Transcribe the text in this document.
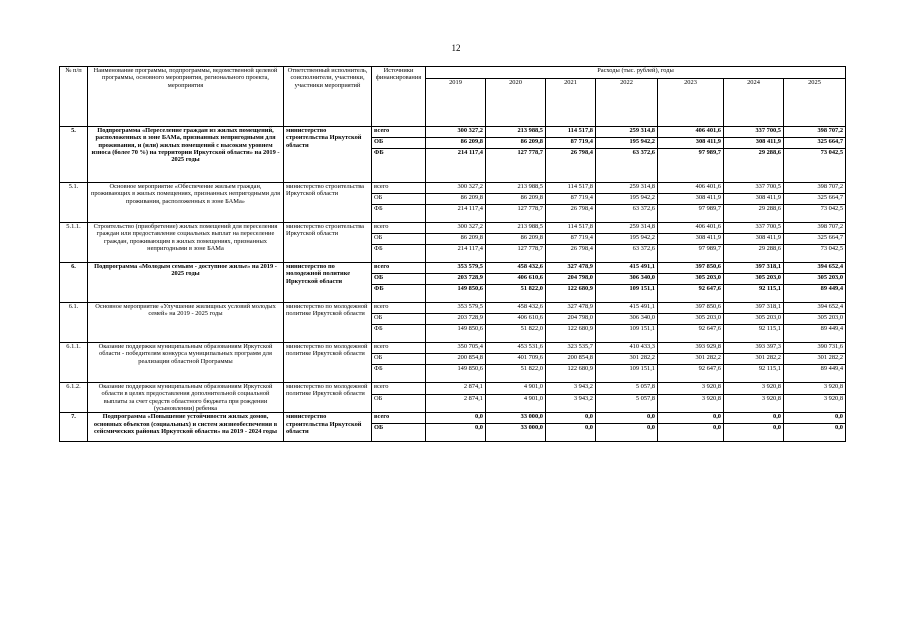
12
№ п/п	Наименование программы, подпрограммы, ведомственной целевой программы, основного мероприятия, регионального проекта, мероприятия	Ответственный исполнитель, соисполнители, участники, участники мероприятий	Источники финансирования	Расходы (тыс. рублей), годы						
				2019	2020	2021	2022	2023	2024	2025
5.	Подпрограмма «Переселение граждан из жилых помещений, расположенных в зоне БАМа, признанных непригодными для проживания, и (или) жилых помещений с высоким уровнем износа (более 70 %) на территории Иркутской области» на 2019 - 2025 годы	министерство строительства Иркутской области	всего	300 327,2	213 988,5	114 517,8	259 314,8	406 401,6	337 700,5	398 707,2
			ОБ	86 209,8	86 209,8	87 719,4	195 942,2	308 411,9	308 411,9	325 664,7
			ФБ	214 117,4	127 778,7	26 798,4	63 372,6	97 989,7	29 288,6	73 042,5
5.1.	Основное мероприятие «Обеспечение жильем граждан, проживающих в жилых помещениях, признанных непригодными для проживания, расположенных в зоне БАМа»	министерство строительства Иркутской области	всего	300 327,2	213 988,5	114 517,8	259 314,8	406 401,6	337 700,5	398 707,2
			ОБ	86 209,8	86 209,8	87 719,4	195 942,2	308 411,9	308 411,9	325 664,7
			ФБ	214 117,4	127 778,7	26 798,4	63 372,6	97 989,7	29 288,6	73 042,5
5.1.1.	Строительство (приобретение) жилых помещений для переселения граждан или предоставление социальных выплат на переселение граждан, проживающим в жилых помещениях, признанных непригодными в зоне БАМа	министерство строительства Иркутской области	всего	300 327,2	213 988,5	114 517,8	259 314,8	406 401,6	337 700,5	398 707,2
			ОБ	86 209,8	86 209,8	87 719,4	195 942,2	308 411,9	308 411,9	325 664,7
			ФБ	214 117,4	127 778,7	26 798,4	63 372,6	97 989,7	29 288,6	73 042,5
6.	Подпрограмма «Молодым семьям - доступное жилье» на 2019 - 2025 годы	министерство по молодежной политике Иркутской области	всего	353 579,5	458 432,6	327 478,9	415 491,1	397 850,6	397 318,1	394 652,4
			ОБ	203 728,9	406 610,6	204 798,0	306 340,0	305 203,0	305 203,0	305 203,0
			ФБ	149 850,6	51 822,0	122 680,9	109 151,1	92 647,6	92 115,1	89 449,4
6.1.	Основное мероприятие «Улучшение жилищных условий молодых семей» на 2019 - 2025 годы	министерство по молодежной политике Иркутской области	всего	353 579,5	458 432,6	327 478,9	415 491,1	397 850,6	397 318,1	394 652,4
			ОБ	203 728,9	406 610,6	204 798,0	306 340,0	305 203,0	305 203,0	305 203,0
			ФБ	149 850,6	51 822,0	122 680,9	109 151,1	92 647,6	92 115,1	89 449,4
6.1.1.	Оказание поддержки муниципальным образованиям Иркутской области - победителям конкурса муниципальных программ для реализации областной Программы	министерство по молодежной политике Иркутской области	всего	350 705,4	453 531,6	323 535,7	410 433,3	393 929,8	393 397,3	390 731,6
			ОБ	200 854,8	401 709,6	200 854,8	301 282,2	301 282,2	301 282,2	301 282,2
			ФБ	149 850,6	51 822,0	122 680,9	109 151,1	92 647,6	92 115,1	89 449,4
6.1.2.	Оказание поддержки муниципальным образованиям Иркутской области в целях предоставления дополнительной социальной выплаты за счет средств областного бюджета при рождении (усыновлении) ребенка	министерство по молодежной политике Иркутской области	всего	2 874,1	4 901,0	3 943,2	5 057,8	3 920,8	3 920,8	3 920,8
			ОБ	2 874,1	4 901,0	3 943,2	5 057,8	3 920,8	3 920,8	3 920,8
7.	Подпрограмма «Повышение устойчивости жилых домов, основных объектов (социальных) и систем жизнеобеспечения в сейсмических районах Иркутской области» на 2019 - 2024 годы	министерство строительства Иркутской области	всего	0,0	33 000,0	0,0	0,0	0,0	0,0	0,0
			ОБ	0,0	33 000,0	0,0	0,0	0,0	0,0	0,0
